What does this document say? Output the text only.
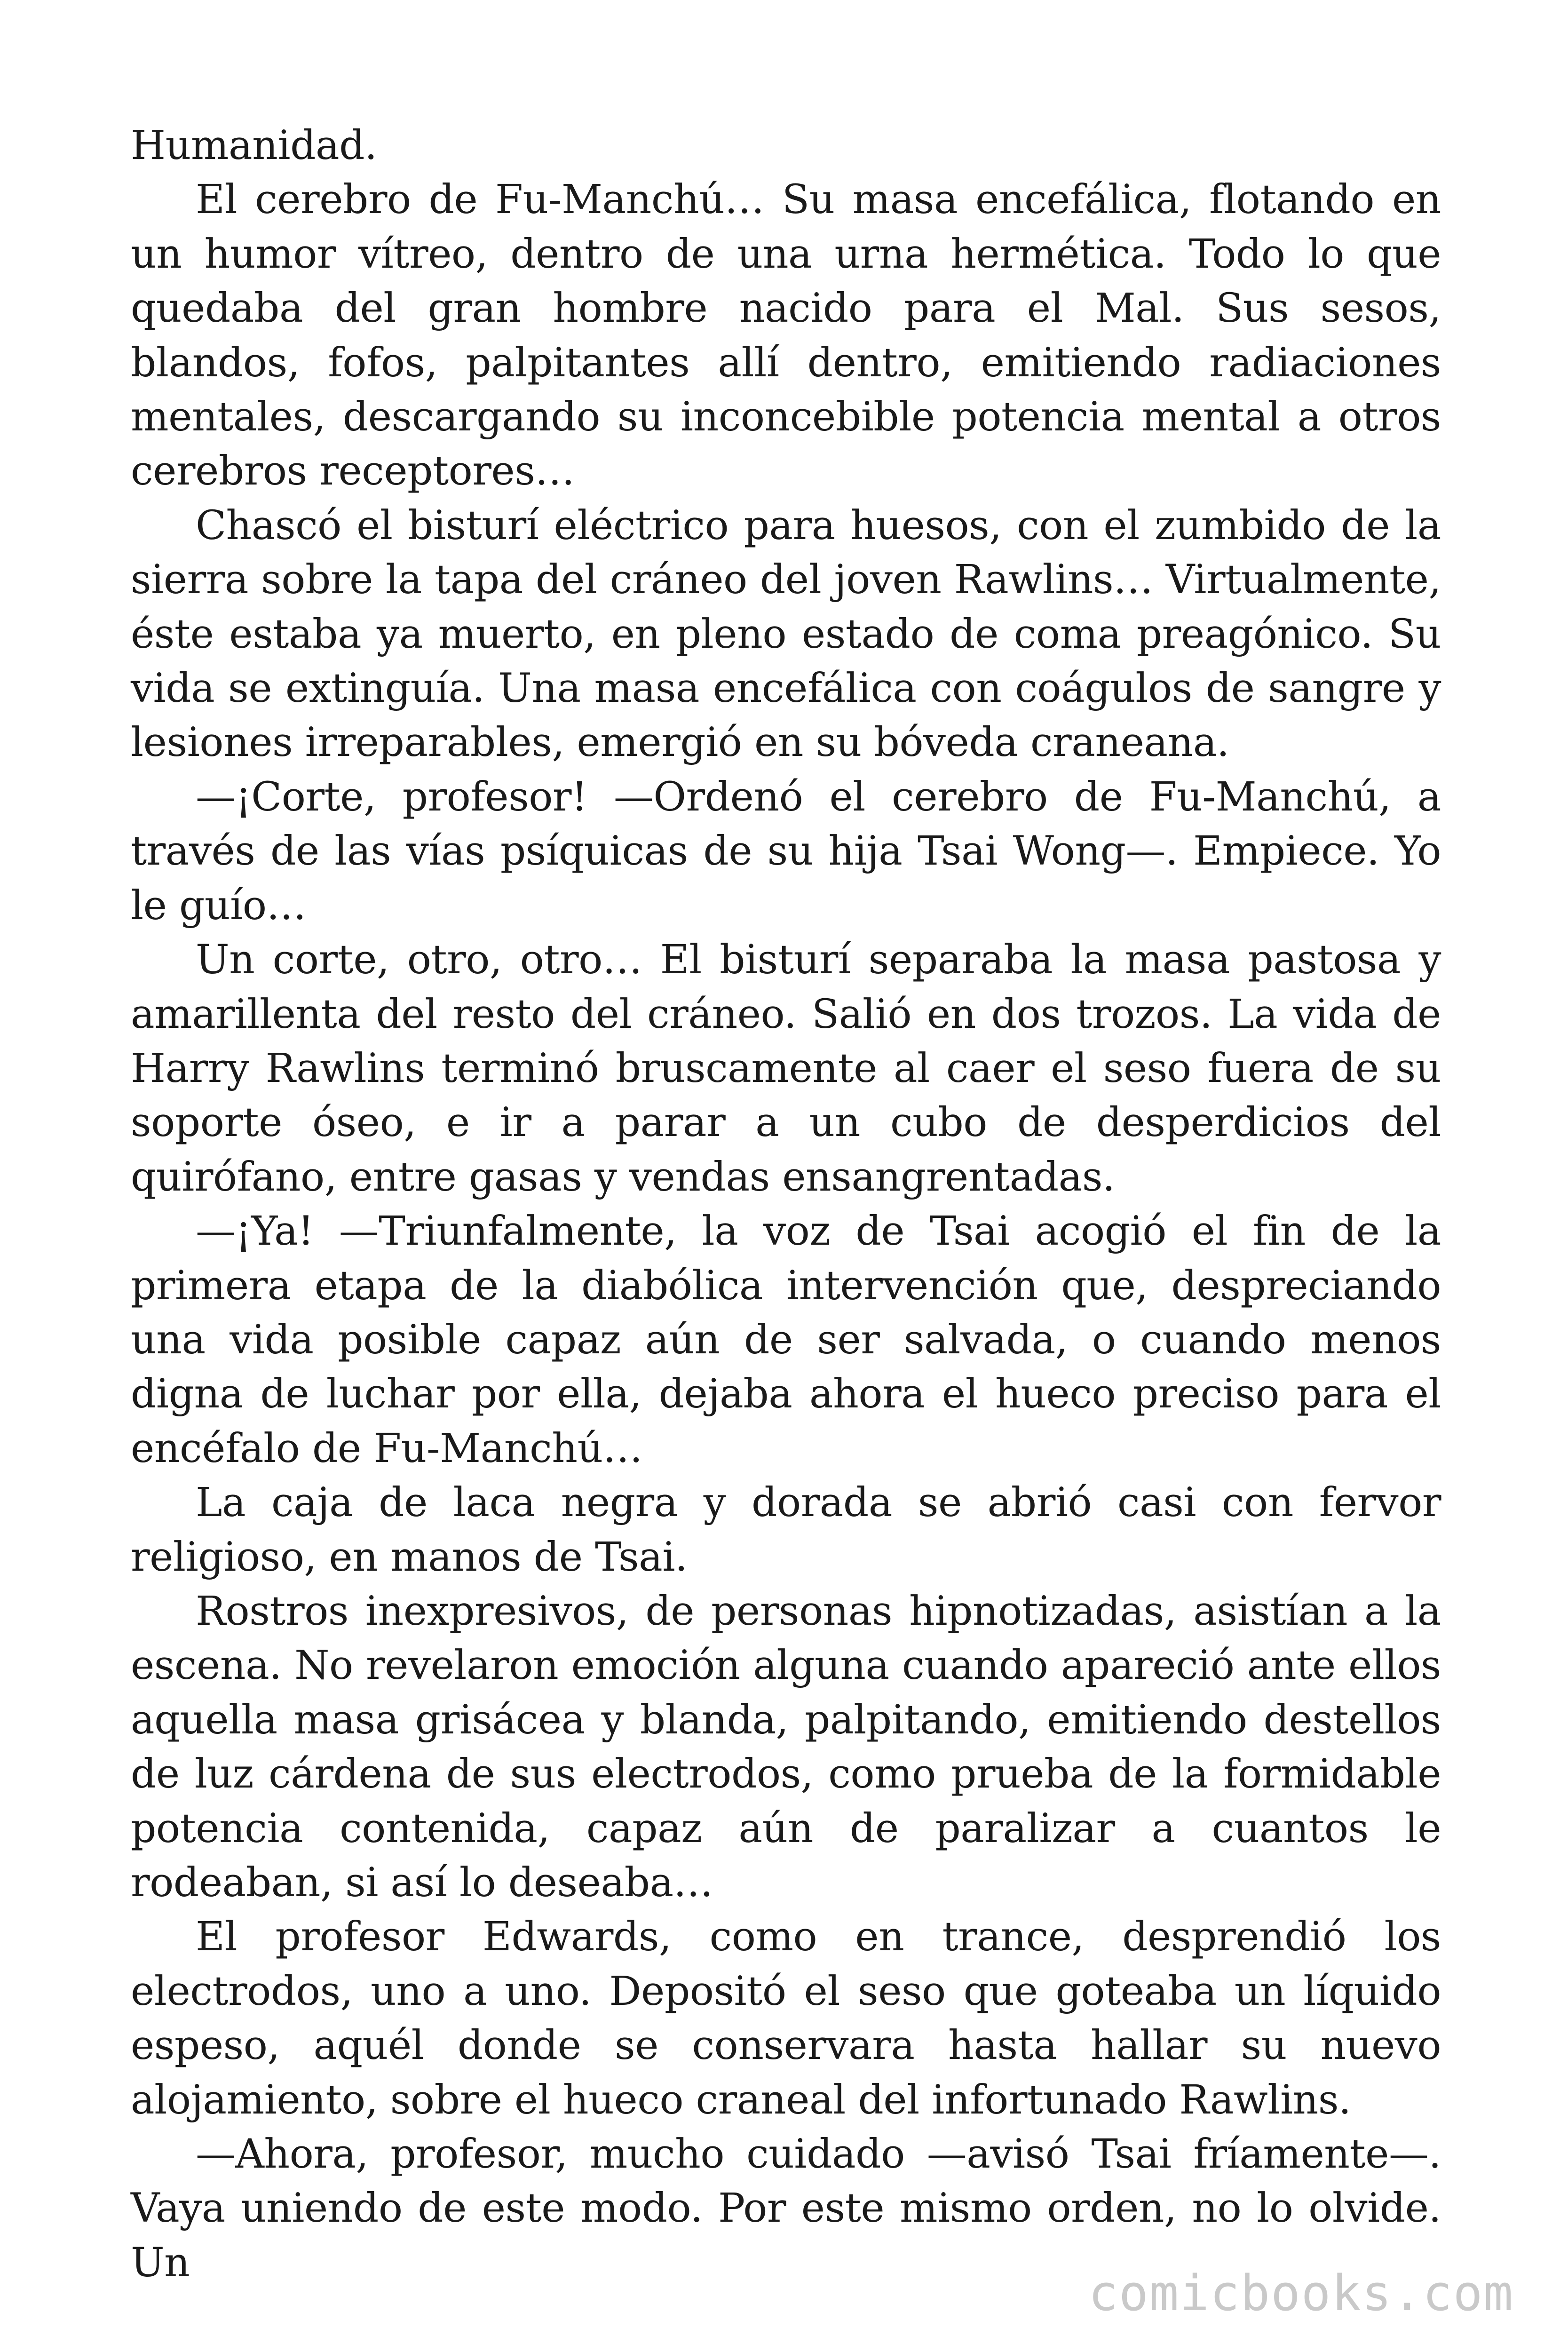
Humanidad.

El cerebro de Fu-Manchú… Su masa encefálica, flotando en un humor vítreo, dentro de una urna hermética. Todo lo que quedaba del gran hombre nacido para el Mal. Sus sesos, blandos, fofos, palpitantes allí dentro, emitiendo radiaciones mentales, descargando su inconcebible potencia mental a otros cerebros receptores…

Chascó el bisturí eléctrico para huesos, con el zumbido de la sierra sobre la tapa del cráneo del joven Rawlins… Virtualmente, éste estaba ya muerto, en pleno estado de coma preagónico. Su vida se extinguía. Una masa encefálica con coágulos de sangre y lesiones irreparables, emergió en su bóveda craneana.

—¡Corte, profesor! —Ordenó el cerebro de Fu-Manchú, a través de las vías psíquicas de su hija Tsai Wong—. Empiece. Yo le guío…

Un corte, otro, otro… El bisturí separaba la masa pastosa y amarillenta del resto del cráneo. Salió en dos trozos. La vida de Harry Rawlins terminó bruscamente al caer el seso fuera de su soporte óseo, e ir a parar a un cubo de desperdicios del quirófano, entre gasas y vendas ensangrentadas.

—¡Ya! —Triunfalmente, la voz de Tsai acogió el fin de la primera etapa de la diabólica intervención que, despreciando una vida posible capaz aún de ser salvada, o cuando menos digna de luchar por ella, dejaba ahora el hueco preciso para el encéfalo de Fu-Manchú…

La caja de laca negra y dorada se abrió casi con fervor religioso, en manos de Tsai.

Rostros inexpresivos, de personas hipnotizadas, asistían a la escena. No revelaron emoción alguna cuando apareció ante ellos aquella masa grisácea y blanda, palpitando, emitiendo destellos de luz cárdena de sus electrodos, como prueba de la formidable potencia contenida, capaz aún de paralizar a cuantos le rodeaban, si así lo deseaba…

El profesor Edwards, como en trance, desprendió los electrodos, uno a uno. Depositó el seso que goteaba un líquido espeso, aquél donde se conservara hasta hallar su nuevo alojamiento, sobre el hueco craneal del infortunado Rawlins.

—Ahora, profesor, mucho cuidado —avisó Tsai fríamente—. Vaya uniendo de este modo. Por este mismo orden, no lo olvide. Un

comicbooks.com
